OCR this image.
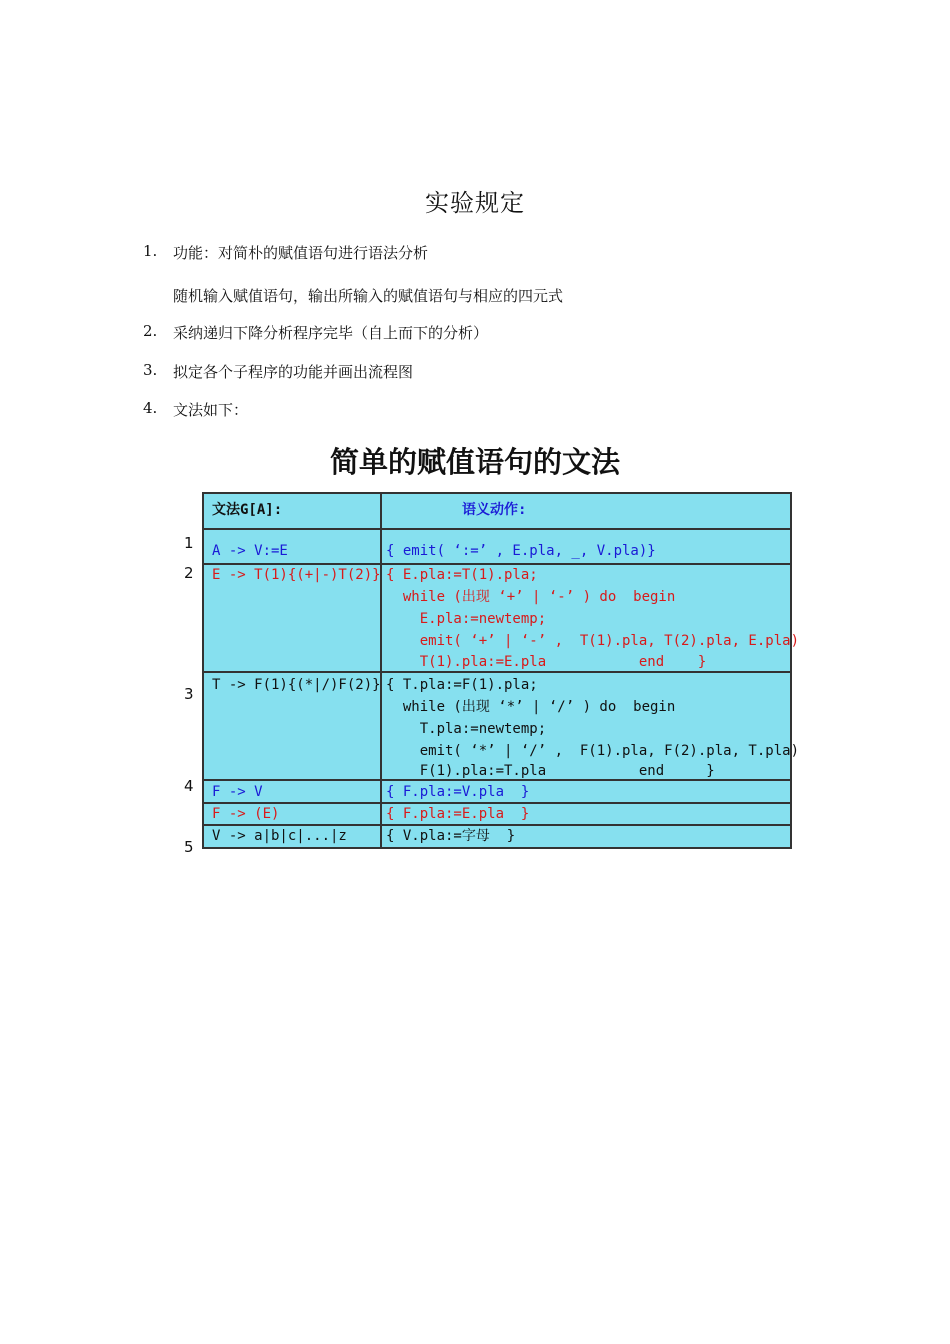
实验规定
1. 功能：对简朴的赋值语句进行语法分析
随机输入赋值语句，输出所输入的赋值语句与相应的四元式
2. 采纳递归下降分析程序完毕（自上而下的分析）
3. 拟定各个子程序的功能并画出流程图
4. 文法如下：
简单的赋值语句的文法
1
2
3
4
5
文法G[A]:	语义动作:
A -> V:=E	{ emit( ‘:=’ , E.pla, _, V.pla)}
E -> T(1){(+|-)T(2)} { E.pla:=T(1).pla;
while (出现 ‘+’ | ‘-’ ) do  begin
E.pla:=newtemp;
emit( ‘+’ | ‘-’ ,  T(1).pla, T(2).pla, E.pla)
T(1).pla:=E.pla           end    }
T -> F(1){(*|/)F(2)} { T.pla:=F(1).pla;
while (出现 ‘*’ | ‘/’ ) do  begin
T.pla:=newtemp;
emit( ‘*’ | ‘/’ ,  F(1).pla, F(2).pla, T.pla)
F(1).pla:=T.pla           end     }
F -> V	{ F.pla:=V.pla  }
F -> (E)	{ F.pla:=E.pla  }
V -> a|b|c|...|z	{ V.pla:=字母  }
